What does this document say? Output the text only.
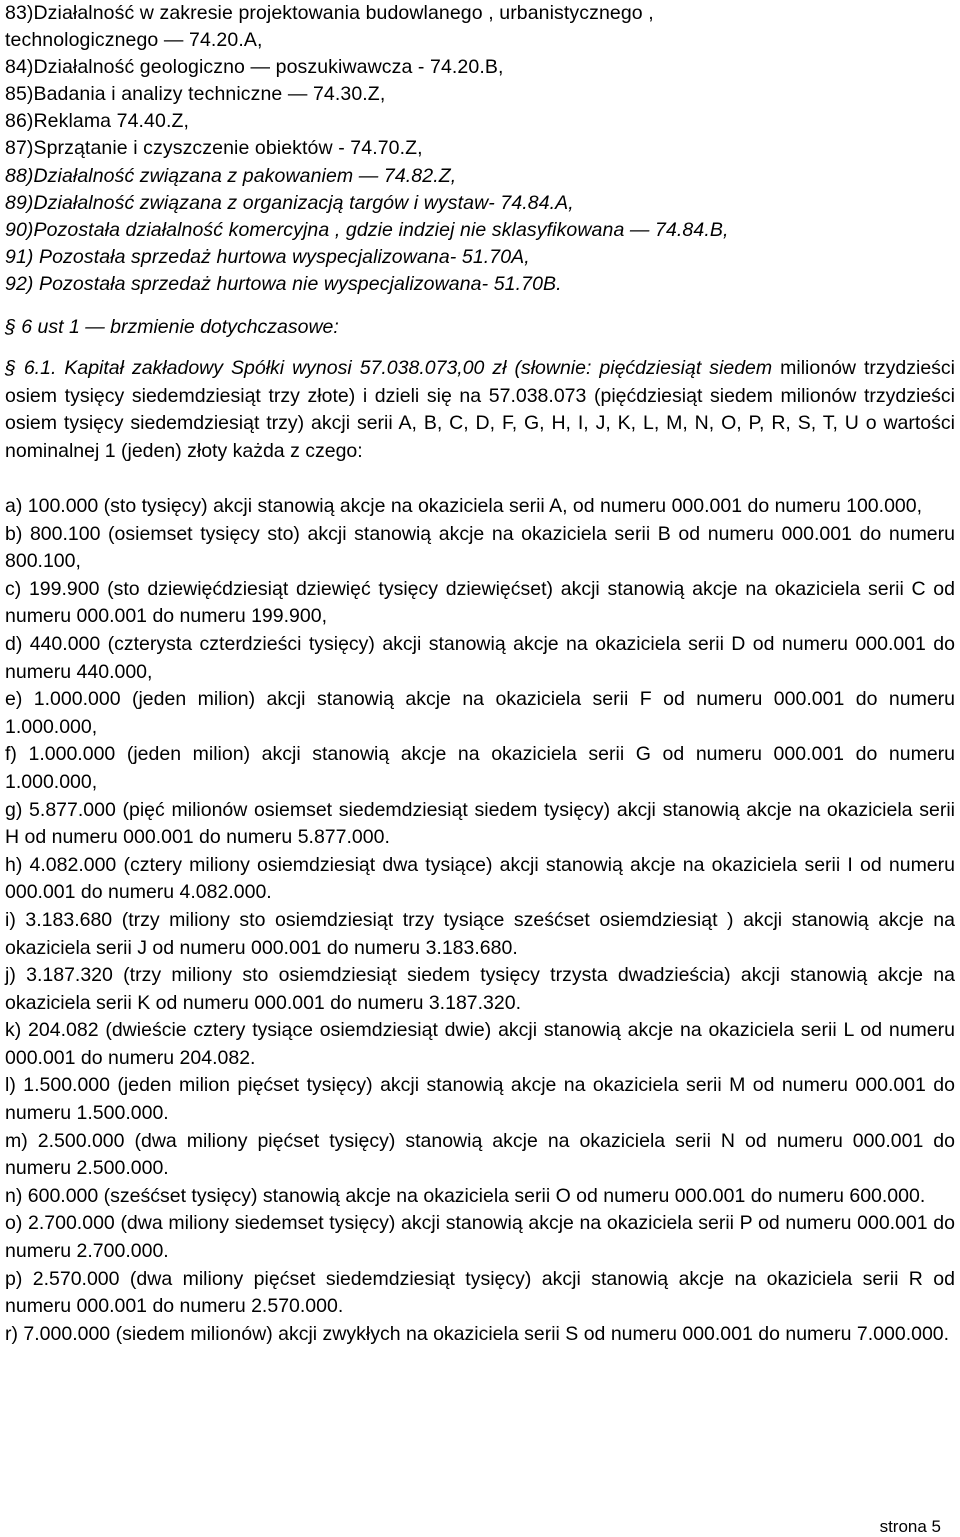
83)Działalność w zakresie projektowania budowlanego , urbanistycznego ,
technologicznego — 74.20.A,
84)Działalność geologiczno — poszukiwawcza - 74.20.B,
85)Badania i analizy techniczne — 74.30.Z,
86)Reklama 74.40.Z,
87)Sprzątanie i czyszczenie obiektów - 74.70.Z,
88)Działalność związana z pakowaniem — 74.82.Z,
89)Działalność związana z organizacją targów i wystaw- 74.84.A,
90)Pozostała działalność komercyjna , gdzie indziej nie sklasyfikowana — 74.84.B,
91) Pozostała sprzedaż hurtowa wyspecjalizowana- 51.70A,
92) Pozostała sprzedaż hurtowa nie wyspecjalizowana- 51.70B.
§ 6 ust 1 — brzmienie dotychczasowe:
§ 6.1. Kapitał zakładowy Spółki wynosi 57.038.073,00 zł (słownie: pięćdziesiąt siedem milionów trzydzieści osiem tysięcy siedemdziesiąt trzy złote) i dzieli się na 57.038.073 (pięćdziesiąt siedem milionów trzydzieści osiem tysięcy siedemdziesiąt trzy) akcji serii A, B, C, D, F, G, H, I, J, K, L, M, N, O, P, R, S, T, U o wartości nominalnej 1 (jeden) złoty każda z czego:
a) 100.000 (sto tysięcy) akcji stanowią akcje na okaziciela serii A, od numeru 000.001 do numeru 100.000,
b) 800.100 (osiemset tysięcy sto) akcji stanowią akcje na okaziciela serii B od numeru 000.001 do numeru 800.100,
c) 199.900 (sto dziewięćdziesiąt dziewięć tysięcy dziewięćset) akcji stanowią akcje na okaziciela serii C od numeru 000.001 do numeru 199.900,
d) 440.000 (czterysta czterdzieści tysięcy) akcji stanowią akcje na okaziciela serii D od numeru 000.001 do numeru 440.000,
e) 1.000.000 (jeden milion) akcji stanowią akcje na okaziciela serii F od numeru 000.001 do numeru 1.000.000,
f) 1.000.000 (jeden milion) akcji stanowią akcje na okaziciela serii G od numeru 000.001 do numeru 1.000.000,
g) 5.877.000 (pięć milionów osiemset siedemdziesiąt siedem tysięcy) akcji stanowią akcje na okaziciela serii H od numeru 000.001 do numeru 5.877.000.
h) 4.082.000 (cztery miliony osiemdziesiąt dwa tysiące) akcji stanowią akcje na okaziciela serii I od numeru 000.001 do numeru 4.082.000.
i) 3.183.680 (trzy miliony sto osiemdziesiąt trzy tysiące sześćset osiemdziesiąt ) akcji stanowią akcje na okaziciela serii J od numeru 000.001 do numeru 3.183.680.
j) 3.187.320 (trzy miliony sto osiemdziesiąt siedem tysięcy trzysta dwadzieścia) akcji stanowią akcje na okaziciela serii K od numeru 000.001 do numeru 3.187.320.
k) 204.082 (dwieście cztery tysiące osiemdziesiąt dwie) akcji stanowią akcje na okaziciela serii L od numeru 000.001 do numeru 204.082.
l) 1.500.000 (jeden milion pięćset tysięcy) akcji stanowią akcje na okaziciela serii M od numeru 000.001 do numeru 1.500.000.
m) 2.500.000 (dwa miliony pięćset tysięcy) stanowią akcje na okaziciela serii N od numeru 000.001 do numeru 2.500.000.
n) 600.000 (sześćset tysięcy) stanowią akcje na okaziciela serii O od numeru 000.001 do numeru 600.000.
o) 2.700.000 (dwa miliony siedemset tysięcy) akcji stanowią akcje na okaziciela serii P od numeru 000.001 do numeru 2.700.000.
p) 2.570.000 (dwa miliony pięćset siedemdziesiąt tysięcy) akcji stanowią akcje na okaziciela serii R od numeru 000.001 do numeru 2.570.000.
r) 7.000.000 (siedem milionów) akcji zwykłych na okaziciela serii S od numeru 000.001 do numeru 7.000.000.
strona 5
